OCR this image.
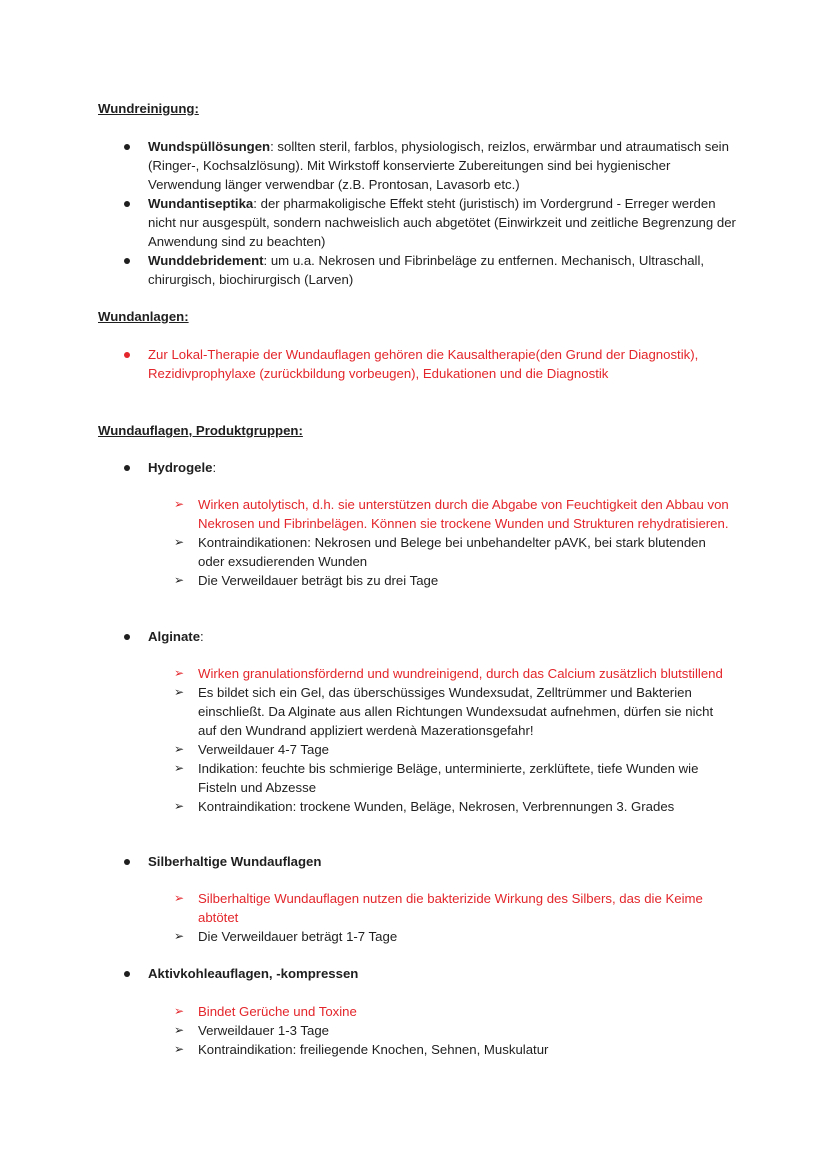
Wundreinigung:
Wundspüllösungen: sollten steril, farblos, physiologisch, reizlos, erwärmbar und atraumatisch sein (Ringer-, Kochsalzlösung). Mit Wirkstoff konservierte Zubereitungen sind bei hygienischer Verwendung länger verwendbar (z.B. Prontosan, Lavasorb etc.)
Wundantiseptika: der pharmakoligische Effekt steht (juristisch) im Vordergrund - Erreger werden nicht nur ausgespült, sondern nachweislich auch abgetötet (Einwirkzeit und zeitliche Begrenzung der Anwendung sind zu beachten)
Wunddebridement: um u.a. Nekrosen und Fibrinbeläge zu entfernen. Mechanisch, Ultraschall, chirurgisch, biochirurgisch (Larven)
Wundanlagen:
Zur Lokal-Therapie der Wundauflagen gehören die Kausaltherapie(den Grund der Diagnostik), Rezidivprophylaxe (zurückbildung vorbeugen), Edukationen und die Diagnostik
Wundauflagen, Produktgruppen:
Hydrogele:
➢ Wirken autolytisch, d.h. sie unterstützen durch die Abgabe von Feuchtigkeit den Abbau von Nekrosen und Fibrinbelägen. Können sie trockene Wunden und Strukturen rehydratisieren.
➢ Kontraindikationen: Nekrosen und Belege bei unbehandelter pAVK, bei stark blutenden oder exsudierenden Wunden
➢ Die Verweildauer beträgt bis zu drei Tage
Alginate:
➢ Wirken granulationsfördernd und wundreinigend, durch das Calcium zusätzlich blutstillend
➢ Es bildet sich ein Gel, das überschüssiges Wundexsudat, Zelltrümmer und Bakterien einschließt. Da Alginate aus allen Richtungen Wundexsudat aufnehmen, dürfen sie nicht auf den Wundrand appliziert werdenà Mazerationsgefahr!
➢ Verweildauer 4-7 Tage
➢ Indikation: feuchte bis schmierige Beläge, unterminierte, zerklüftete, tiefe Wunden wie Fisteln und Abzesse
➢ Kontraindikation: trockene Wunden, Beläge, Nekrosen, Verbrennungen 3. Grades
Silberhaltige Wundauflagen
➢ Silberhaltige Wundauflagen nutzen die bakterizide Wirkung des Silbers, das die Keime abtötet
➢ Die Verweildauer beträgt 1-7 Tage
Aktivkohleauflagen, -kompressen
➢ Bindet Gerüche und Toxine
➢ Verweildauer 1-3 Tage
➢ Kontraindikation: freiliegende Knochen, Sehnen, Muskulatur
